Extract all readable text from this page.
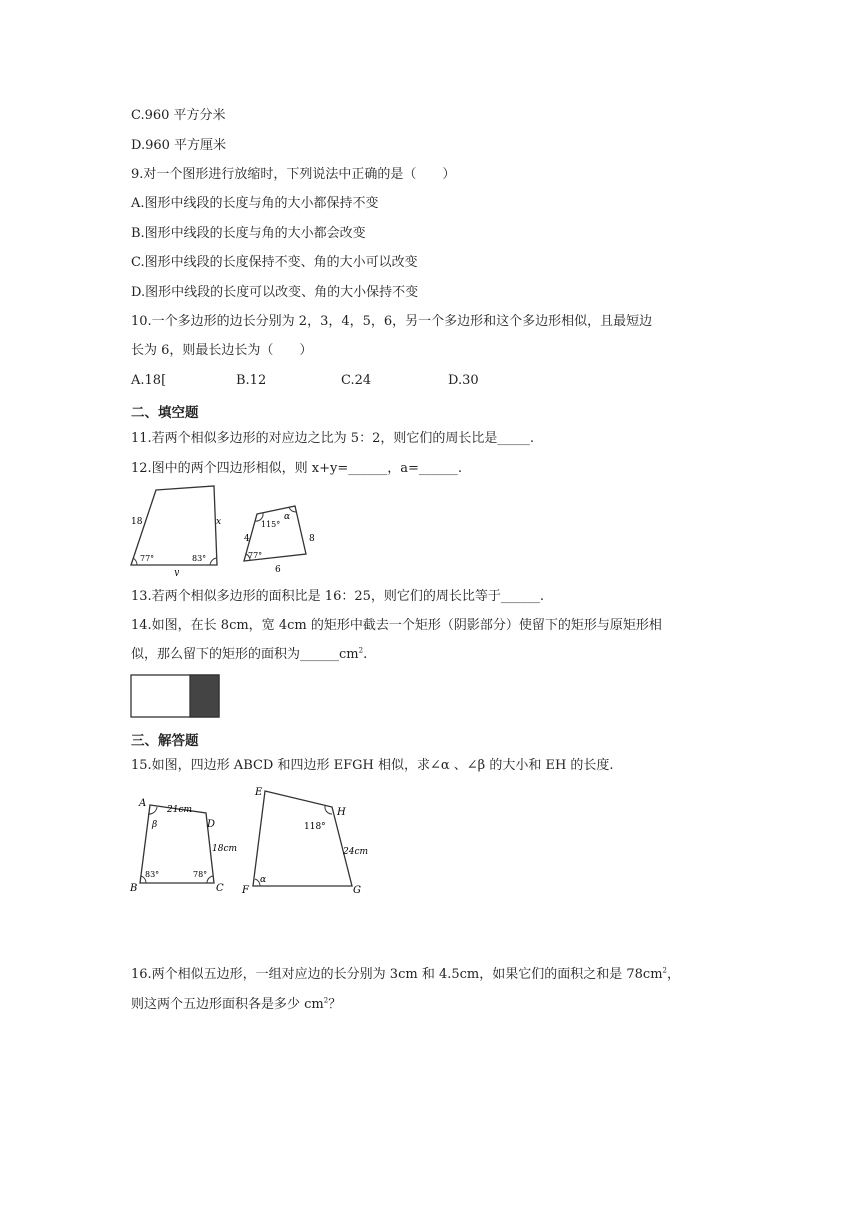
C.960 平方分米
D.960 平方厘米
9.对一个图形进行放缩时，下列说法中正确的是（　　）
A.图形中线段的长度与角的大小都保持不变
B.图形中线段的长度与角的大小都会改变
C.图形中线段的长度保持不变、角的大小可以改变
D.图形中线段的长度可以改变、角的大小保持不变
10.一个多边形的边长分别为 2，3，4，5，6，另一个多边形和这个多边形相似，且最短边
长为 6，则最长边长为（　　）
A.18[	B.12	C.24	D.30
二、填空题
11.若两个相似多边形的对应边之比为 5：2，则它们的周长比是_____.
12.图中的两个四边形相似，则 x+y=______，a=______.
18	x
y
77°	83°
115°
α
4	8
77°
6
13.若两个相似多边形的面积比是 16：25，则它们的周长比等于______.
14.如图，在长 8cm，宽 4cm 的矩形中截去一个矩形（阴影部分）使留下的矩形与原矩形相
似，那么留下的矩形的面积为$\_\_\_\_\_\_cm^2$.
三、解答题
15.如图，四边形 ABCD 和四边形 EFGH 相似，求∠α 、∠β 的大小和 EH 的长度.
A
D
B	C
21cm
18cm
β
83°	78°
E
H
F	G
24cm
118°
α
16.两个相似五边形，一组对应边的长分别为 3cm 和 4.5cm，如果它们的面积之和是 $78cm^2$，
则这两个五边形面积各是多少 $cm^2$？
